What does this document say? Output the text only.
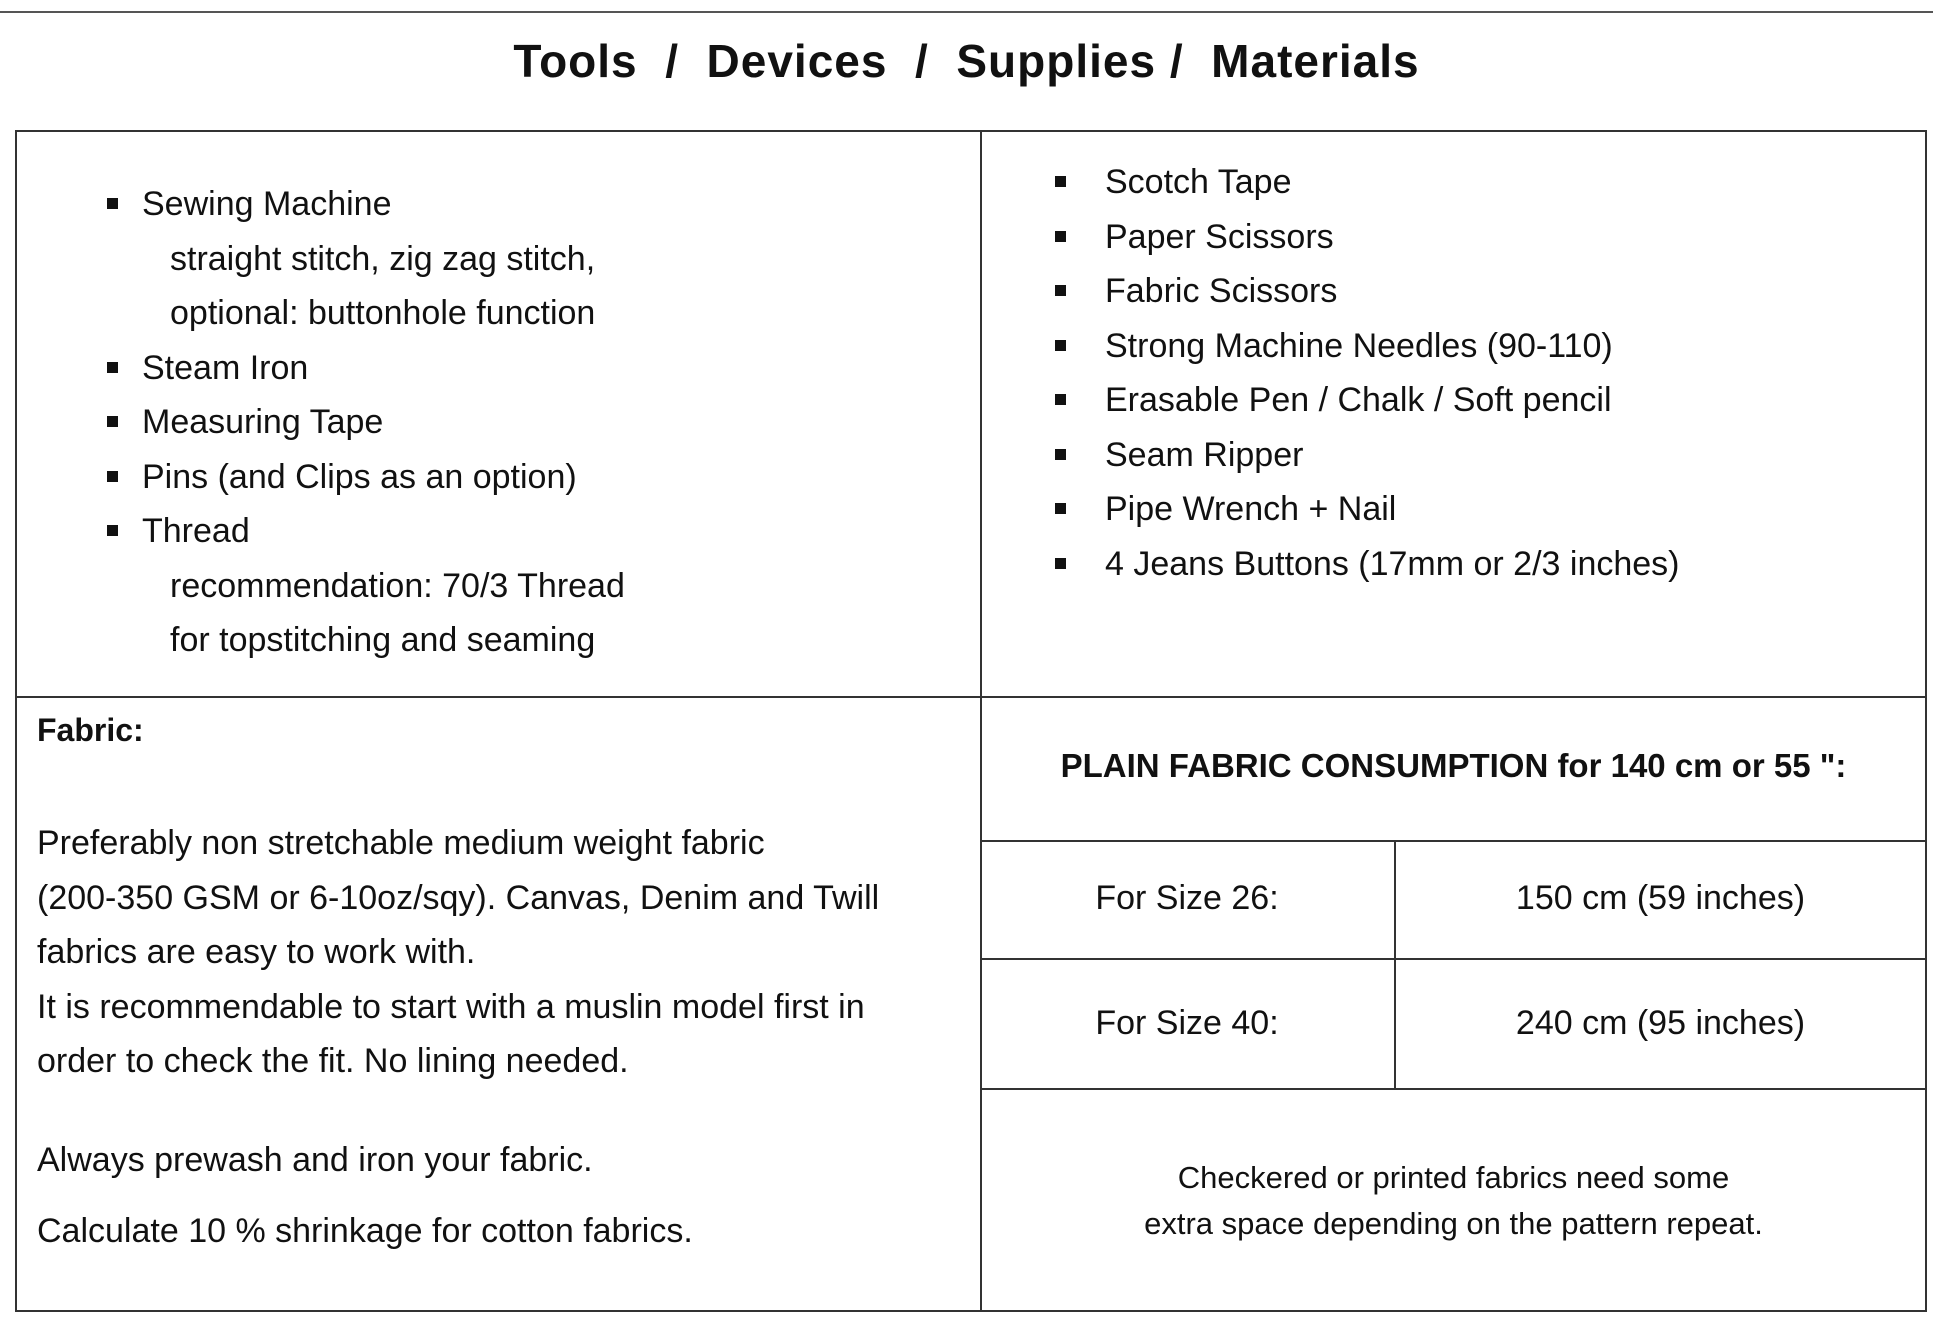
Tools  /  Devices  /  Supplies /  Materials
Sewing Machine
straight stitch, zig zag stitch,
optional: buttonhole function
Steam Iron
Measuring Tape
Pins (and Clips as an option)
Thread
recommendation: 70/3 Thread
for topstitching and seaming
Scotch Tape
Paper Scissors
Fabric Scissors
Strong Machine Needles (90-110)
Erasable Pen / Chalk / Soft pencil
Seam Ripper
Pipe Wrench + Nail
4 Jeans Buttons (17mm or 2/3 inches)
Fabric:
Preferably non stretchable medium weight fabric
(200-350 GSM or 6-10oz/sqy). Canvas, Denim and Twill
fabrics are easy to work with.
It is recommendable to start with a muslin model first in
order to check the fit. No lining needed.
Always prewash and iron your fabric.
Calculate 10 % shrinkage for cotton fabrics.
PLAIN FABRIC CONSUMPTION for 140 cm or 55 ":
For Size 26:	150 cm (59 inches)
For Size 40:	240 cm (95 inches)
Checkered or printed fabrics need some
extra space depending on the pattern repeat.
